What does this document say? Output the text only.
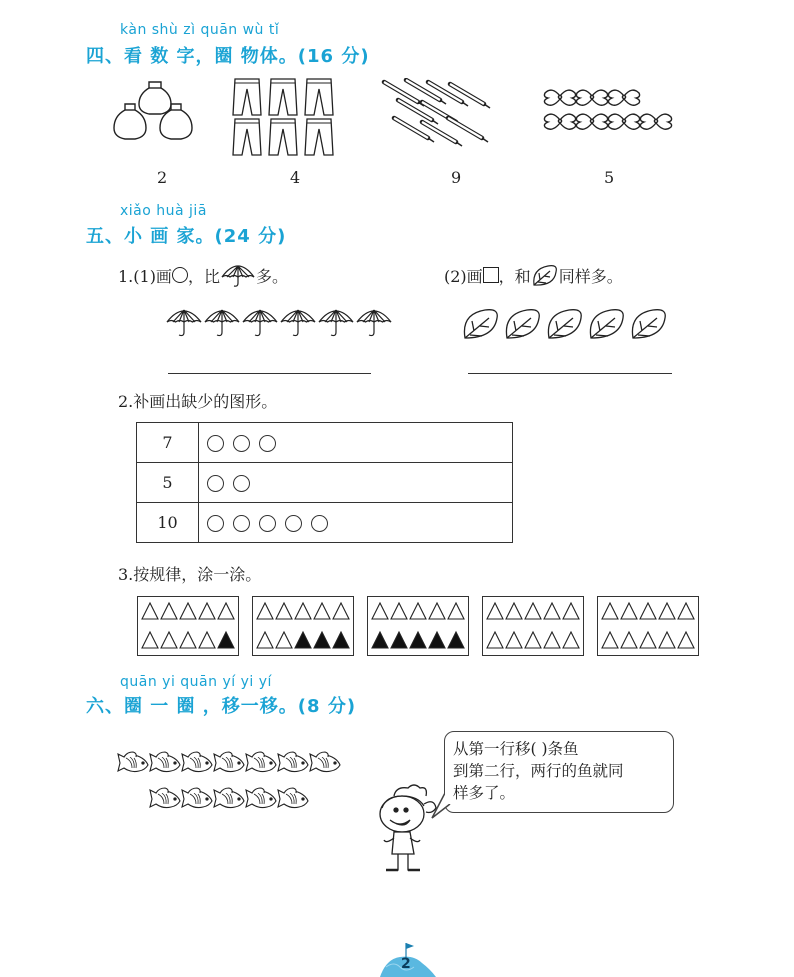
kàn shù zì quān wù tǐ
四、看 数 字，圈 物体。(16 分)
2	4	9	5
xiǎo huà jiā
五、小 画 家。(24 分)
1.(1)画 ，比 多。	(2)画 ，和 同样多。
2.补画出缺少的图形。
7	
5	
10	
3.按规律，涂一涂。
quān yi quān yí yi yí
六、圈 一 圈 ，移一移。(8 分)
从第一行移( )条鱼
到第二行，两行的鱼就同
样多了。
2
